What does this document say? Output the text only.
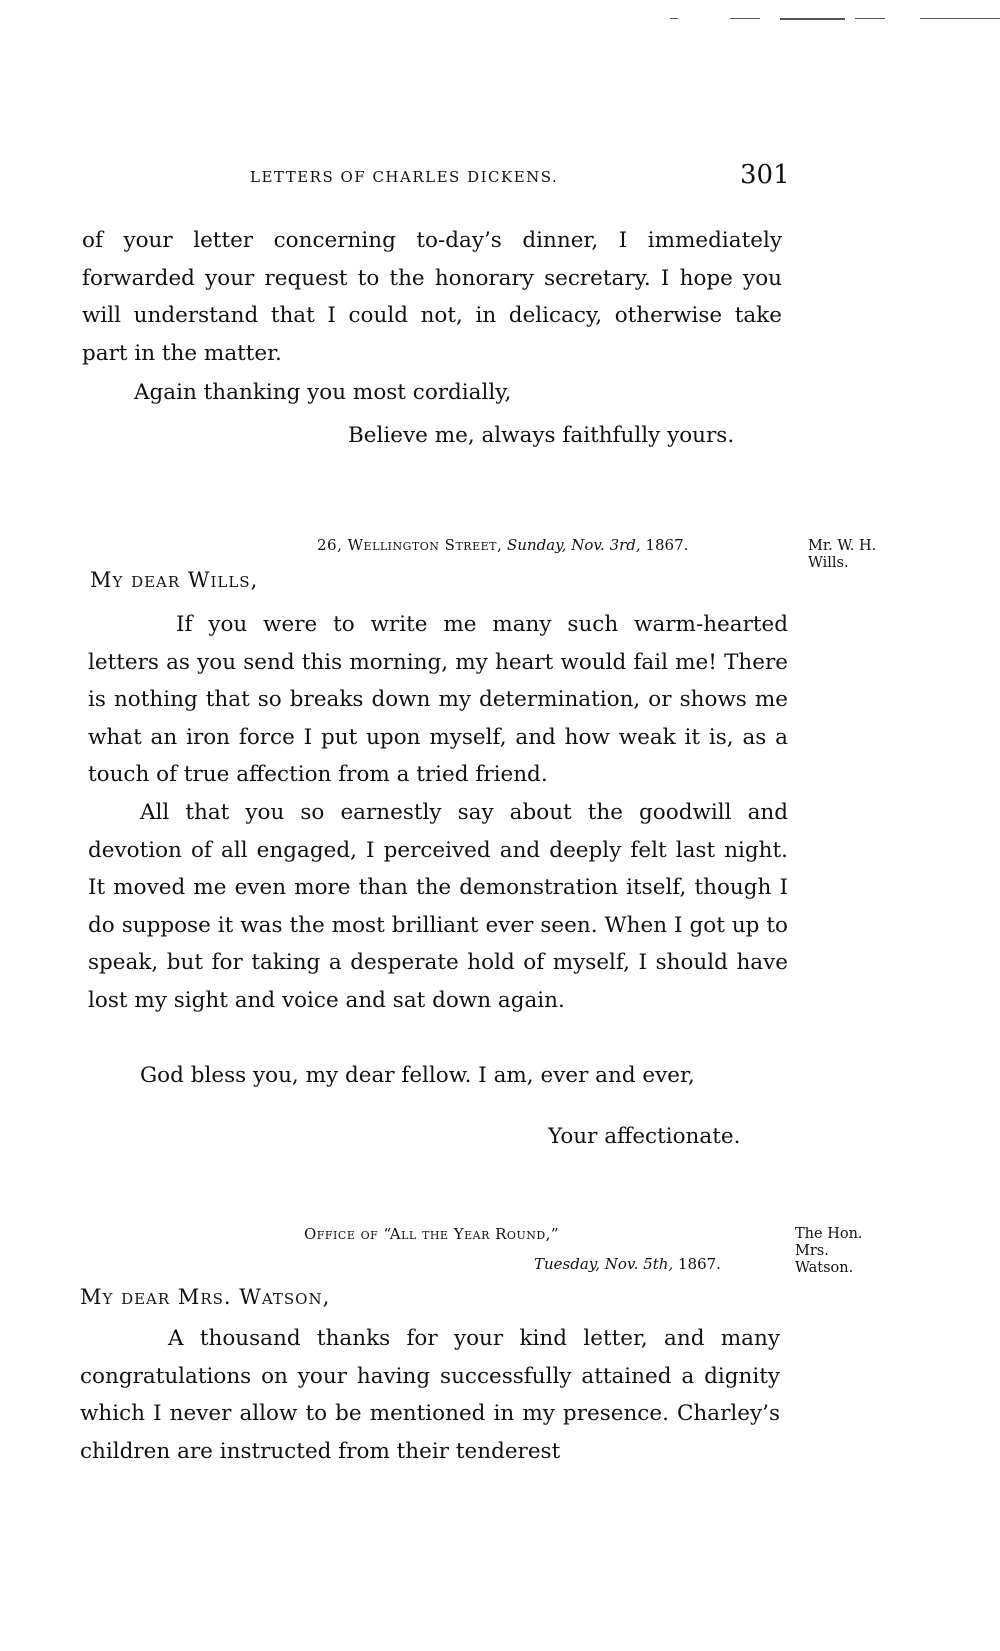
LETTERS OF CHARLES DICKENS.	301

of your letter concerning to-day’s dinner, I immediately forwarded your request to the honorary secretary. I hope you will understand that I could not, in delicacy, otherwise take part in the matter.

Again thanking you most cordially,
Believe me, always faithfully yours.
26, Wellington Street, Sunday, Nov. 3rd, 1867.	Mr. W. H. Wills.
My dear Wills,

If you were to write me many such warm-hearted letters as you send this morning, my heart would fail me! There is nothing that so breaks down my determination, or shows me what an iron force I put upon myself, and how weak it is, as a touch of true affection from a tried friend.

All that you so earnestly say about the goodwill and devotion of all engaged, I perceived and deeply felt last night. It moved me even more than the demonstration itself, though I do suppose it was the most brilliant ever seen. When I got up to speak, but for taking a desperate hold of myself, I should have lost my sight and voice and sat down again.

God bless you, my dear fellow. I am, ever and ever,

Your affectionate.
Office of “All the Year Round,”
Tuesday, Nov. 5th, 1867.
The Hon.
Mrs.
Watson.
My dear Mrs. Watson,

A thousand thanks for your kind letter, and many congratulations on your having successfully attained a dignity which I never allow to be mentioned in my presence. Charley’s children are instructed from their tenderest
